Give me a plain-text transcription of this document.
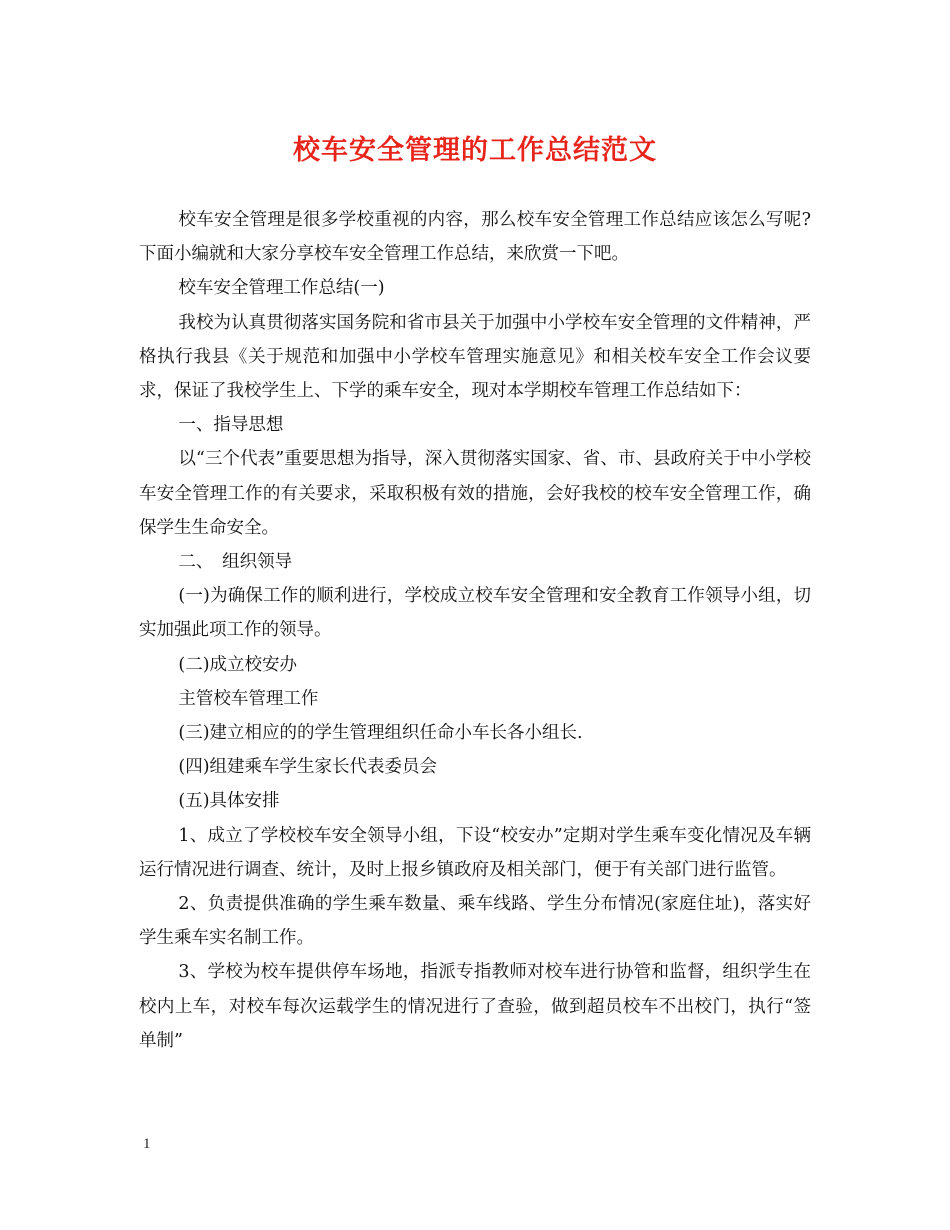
校车安全管理的工作总结范文

校车安全管理是很多学校重视的内容，那么校车安全管理工作总结应该怎么写呢?下面小编就和大家分享校车安全管理工作总结，来欣赏一下吧。

校车安全管理工作总结(一)

我校为认真贯彻落实国务院和省市县关于加强中小学校车安全管理的文件精神，严格执行我县《关于规范和加强中小学校车管理实施意见》和相关校车安全工作会议要求，保证了我校学生上、下学的乘车安全，现对本学期校车管理工作总结如下：

一、指导思想

以“三个代表”重要思想为指导，深入贯彻落实国家、省、市、县政府关于中小学校车安全管理工作的有关要求，采取积极有效的措施，会好我校的校车安全管理工作，确保学生生命安全。

二、　组织领导

(一)为确保工作的顺利进行，学校成立校车安全管理和安全教育工作领导小组，切实加强此项工作的领导。

(二)成立校安办

主管校车管理工作

(三)建立相应的的学生管理组织任命小车长各小组长.

(四)组建乘车学生家长代表委员会

(五)具体安排

1、成立了学校校车安全领导小组，下设“校安办”定期对学生乘车变化情况及车辆运行情况进行调查、统计，及时上报乡镇政府及相关部门，便于有关部门进行监管。

2、负责提供准确的学生乘车数量、乘车线路、学生分布情况(家庭住址)，落实好学生乘车实名制工作。

3、学校为校车提供停车场地，指派专指教师对校车进行协管和监督，组织学生在校内上车，对校车每次运载学生的情况进行了查验，做到超员校车不出校门，执行“签单制”

1
